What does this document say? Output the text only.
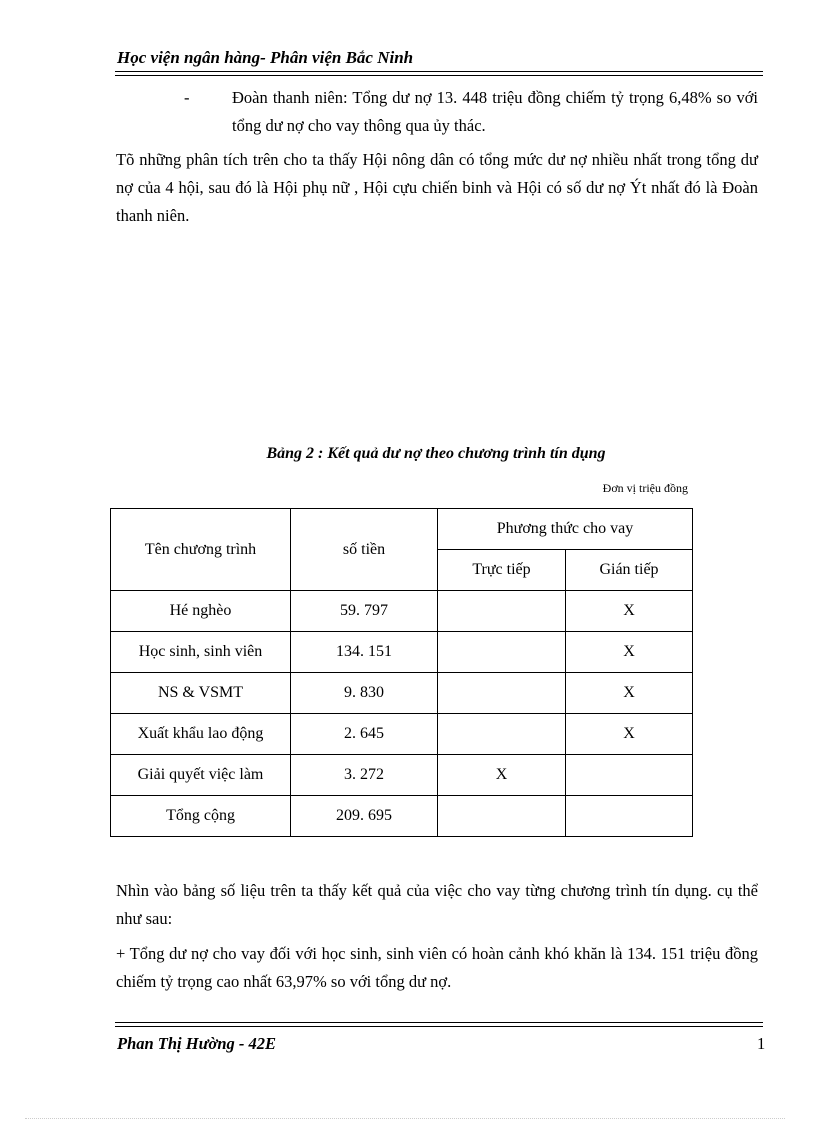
Học viện ngân hàng- Phân viện Bắc Ninh
-	Đoàn thanh niên: Tổng dư nợ 13. 448 triệu đồng chiếm tỷ trọng 6,48% so với tổng dư nợ cho vay thông qua ủy thác.
Tõ những phân tích trên cho ta thấy Hội nông dân có tổng mức dư nợ nhiều nhất trong tổng dư nợ của 4 hội, sau đó là Hội phụ nữ , Hội cựu chiến binh và Hội có số dư nợ Ýt nhất đó là Đoàn thanh niên.
Bảng 2 : Kết quả dư nợ theo chương trình tín dụng
Đơn vị triệu đồng
Tên chương trình	số tiền	Phương thức cho vay	
		Trực tiếp	Gián tiếp
Hé nghèo	59. 797		X
Học sinh, sinh viên	134. 151		X
NS & VSMT	9. 830		X
Xuất khẩu lao động	2. 645		X
Giải quyết việc làm	3. 272	X	
Tổng cộng	209. 695		
Nhìn vào bảng số liệu trên ta thấy kết quả của việc cho vay từng chương trình tín dụng. cụ thể như sau:
+ Tổng dư nợ cho vay đối với học sinh, sinh viên có hoàn cảnh khó khăn là 134. 151 triệu đồng chiếm tỷ trọng cao nhất 63,97% so với tổng dư nợ.
Phan Thị Hường - 42E	1
